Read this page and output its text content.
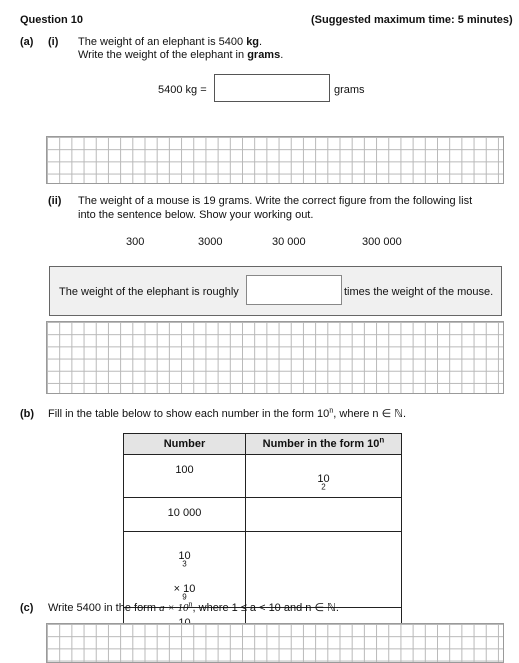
Question 10	(Suggested maximum time: 5 minutes)
(a) (i) The weight of an elephant is 5400 kg.
Write the weight of the elephant in grams.
5400 kg =	grams
(ii) The weight of a mouse is 19 grams. Write the correct figure from the following list
into the sentence below. Show your working out.
300	3000	30 000	300 000
The weight of the elephant is roughly	times the weight of the mouse.
(b) Fill in the table below to show each number in the form 10$^n$, where n ∈ ℕ.
Number	Number in the form 10$^n$

100	10
$^2$

10 000	

10
$^3$
× 10
$^9$

(c) Write 5400 in the form $a \times 10^n$, where 1 ≤ a < 10 and n ∈ ℕ.
